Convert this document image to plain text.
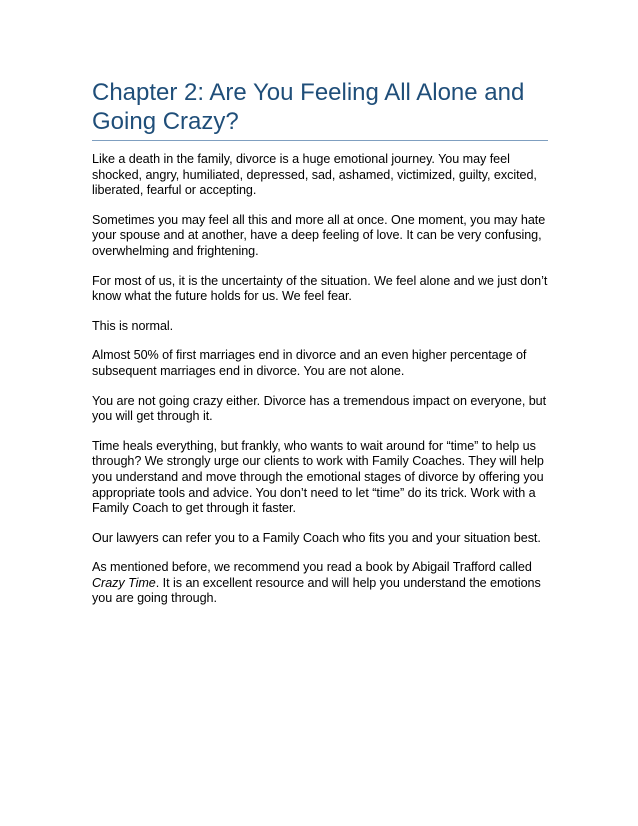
Chapter 2: Are You Feeling All Alone and Going Crazy?

Like a death in the family, divorce is a huge emotional journey. You may feel shocked, angry, humiliated, depressed, sad, ashamed, victimized, guilty, excited, liberated, fearful or accepting.

Sometimes you may feel all this and more all at once. One moment, you may hate your spouse and at another, have a deep feeling of love. It can be very confusing, overwhelming and frightening.

For most of us, it is the uncertainty of the situation. We feel alone and we just don’t know what the future holds for us. We feel fear.

This is normal.

Almost 50% of first marriages end in divorce and an even higher percentage of subsequent marriages end in divorce. You are not alone.

You are not going crazy either. Divorce has a tremendous impact on everyone, but you will get through it.

Time heals everything, but frankly, who wants to wait around for “time” to help us through? We strongly urge our clients to work with Family Coaches. They will help you understand and move through the emotional stages of divorce by offering you appropriate tools and advice. You don’t need to let “time” do its trick. Work with a Family Coach to get through it faster.

Our lawyers can refer you to a Family Coach who fits you and your situation best.

As mentioned before, we recommend you read a book by Abigail Trafford called Crazy Time. It is an excellent resource and will help you understand the emotions you are going through.
